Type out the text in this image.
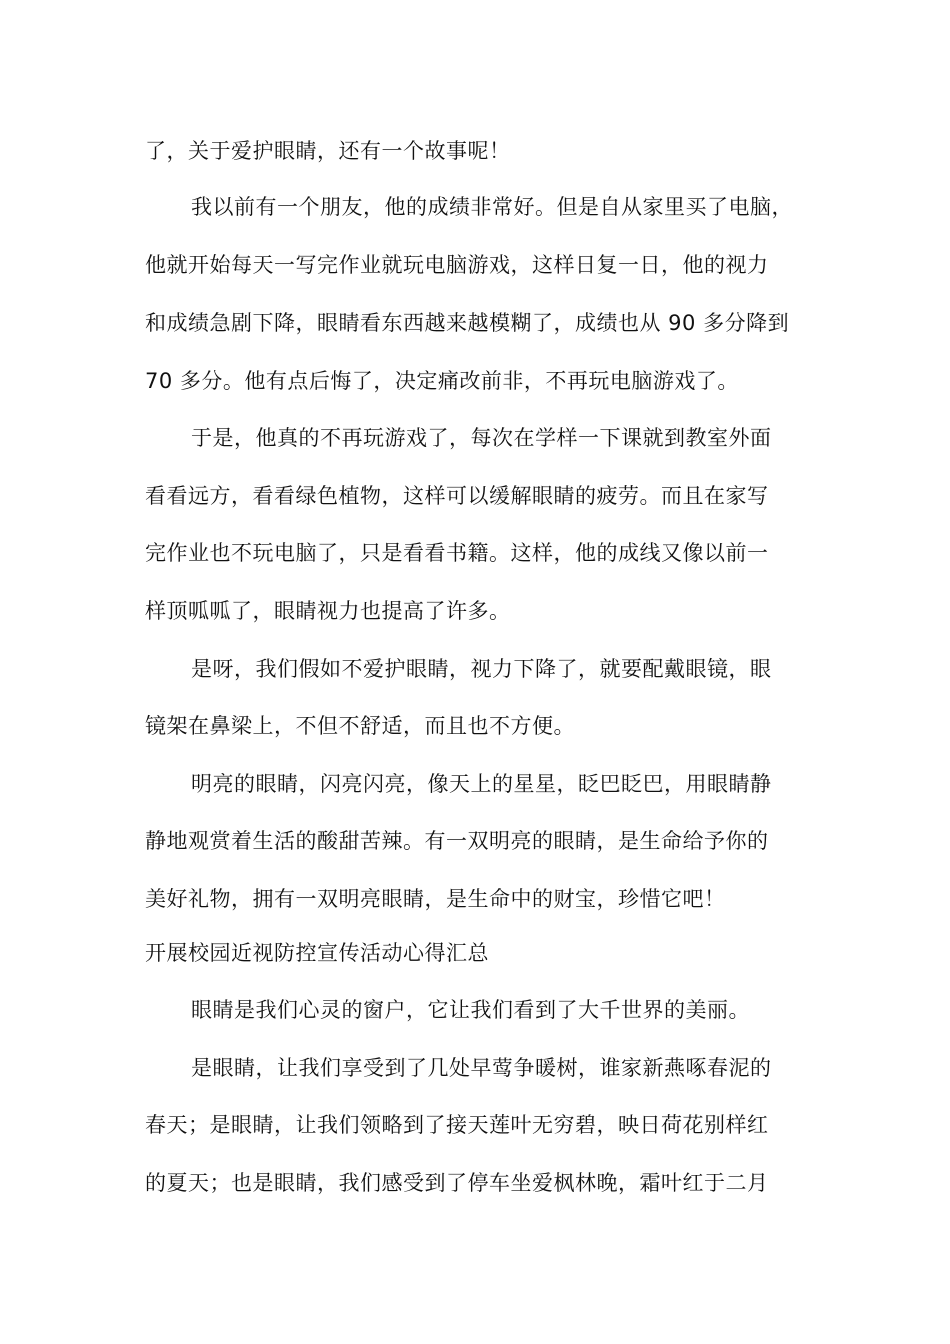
了，关于爱护眼睛，还有一个故事呢！
我以前有一个朋友，他的成绩非常好。但是自从家里买了电脑，
他就开始每天一写完作业就玩电脑游戏，这样日复一日，他的视力
和成绩急剧下降，眼睛看东西越来越模糊了，成绩也从 90 多分降到
70 多分。他有点后悔了，决定痛改前非，不再玩电脑游戏了。
于是，他真的不再玩游戏了，每次在学样一下课就到教室外面
看看远方，看看绿色植物，这样可以缓解眼睛的疲劳。而且在家写
完作业也不玩电脑了，只是看看书籍。这样，他的成线又像以前一
样顶呱呱了，眼睛视力也提高了许多。
是呀，我们假如不爱护眼睛，视力下降了，就要配戴眼镜，眼
镜架在鼻梁上，不但不舒适，而且也不方便。
明亮的眼睛，闪亮闪亮，像天上的星星，眨巴眨巴，用眼睛静
静地观赏着生活的酸甜苦辣。有一双明亮的眼睛，是生命给予你的
美好礼物，拥有一双明亮眼睛，是生命中的财宝，珍惜它吧！
开展校园近视防控宣传活动心得汇总
眼睛是我们心灵的窗户，它让我们看到了大千世界的美丽。
是眼睛，让我们享受到了几处早莺争暖树，谁家新燕啄春泥的
春天；是眼睛，让我们领略到了接天莲叶无穷碧，映日荷花别样红
的夏天；也是眼睛，我们感受到了停车坐爱枫林晚，霜叶红于二月
